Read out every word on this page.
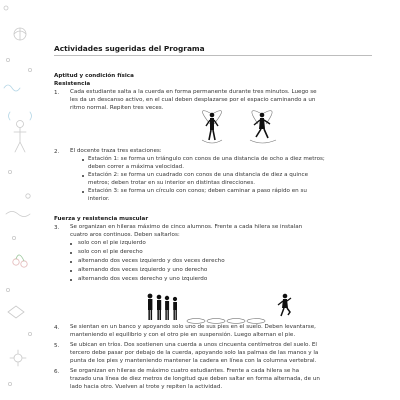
Actividades sugeridas del Programa
Aptitud y condición física
Resistencia
1. Cada estudiante salta a la cuerda en forma permanente durante tres minutos. Luego se
les da un descanso activo, en el cual deben desplazarse por el espacio caminando a un
ritmo normal. Repiten tres veces.
2. El docente traza tres estaciones:
Estación 1: se forma un triángulo con conos de una distancia de ocho a diez metros;
deben correr a máxima velocidad.
Estación 2: se forma un cuadrado con conos de una distancia de diez a quince
metros; deben trotar en su interior en distintas direcciones.
Estación 3: se forma un círculo con conos; deben caminar a paso rápido en su
interior.
Fuerza y resistencia muscular
3. Se organizan en hileras máximo de cinco alumnos. Frente a cada hilera se instalan
cuatro aros continuos. Deben saltarlos:
solo con el pie izquierdo
solo con el pie derecho
alternando dos veces izquierdo y dos veces derecho
alternando dos veces izquierdo y uno derecho
alternando dos veces derecho y uno izquierdo
4. Se sientan en un banco y apoyando solo uno de sus pies en el suelo. Deben levantarse,
manteniendo el equilibrio y con el otro pie en suspensión. Luego alternan el pie.
5. Se ubican en tríos. Dos sostienen una cuerda a unos cincuenta centímetros del suelo. El
tercero debe pasar por debajo de la cuerda, apoyando solo las palmas de las manos y la
punta de los pies y manteniendo mantener la cadera en línea con la columna vertebral.
6. Se organizan en hileras de máximo cuatro estudiantes. Frente a cada hilera se ha
trazado una línea de diez metros de longitud que deben saltar en forma alternada, de un
lado hacia otro. Vuelven al trote y repiten la actividad.
